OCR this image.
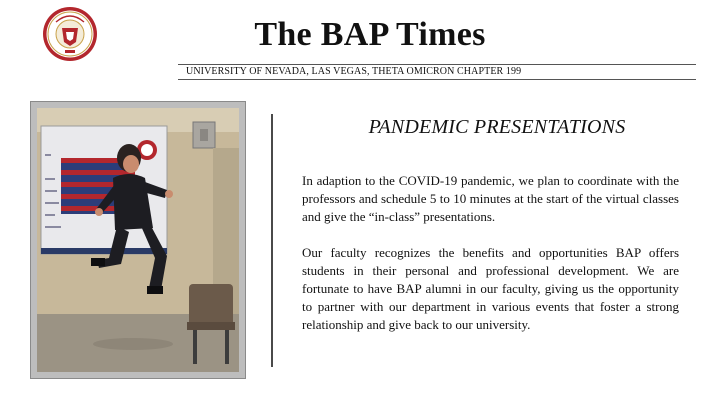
The BAP Times
UNIVERSITY OF NEVADA, LAS VEGAS, THETA OMICRON CHAPTER 199
PANDEMIC PRESENTATIONS

In adaption to the COVID-19 pandemic, we plan to coordinate with the professors and schedule 5 to 10 minutes at the start of the virtual classes and give the “in-class” presentations.

Our faculty recognizes the benefits and opportunities BAP offers students in their personal and professional development. We are fortunate to have BAP alumni in our faculty, giving us the opportunity to partner with our department in various events that foster a strong relationship and give back to our university.
